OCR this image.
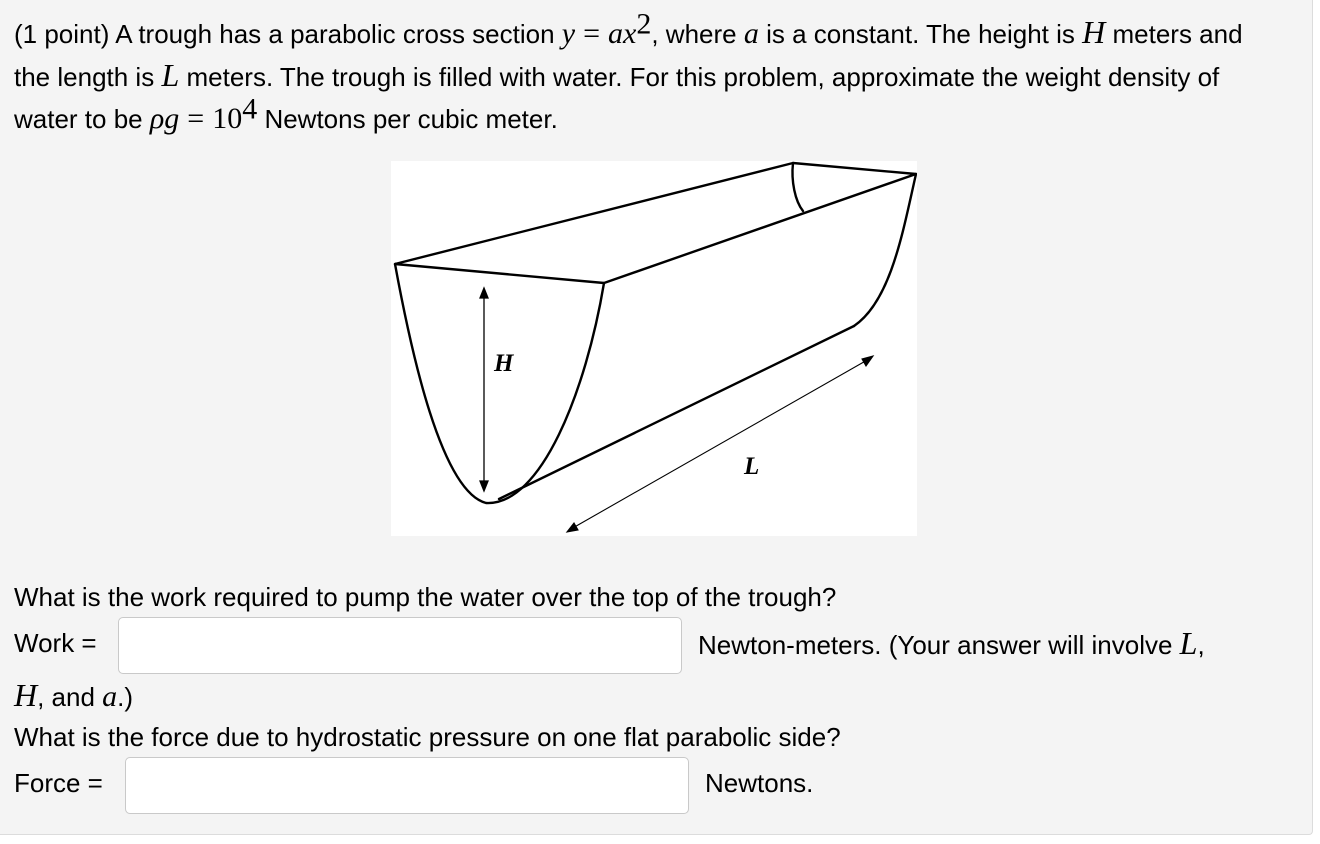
(1 point) A trough has a parabolic cross section $y = ax^2$, where a is a constant. The height is H meters and the length is L meters. The trough is filled with water. For this problem, approximate the weight density of water to be $\rho g = 10^4$ Newtons per cubic meter.
H
L
What is the work required to pump the water over the top of the trough?
Work =	Newton-meters. (Your answer will involve L,
H, and a.)
What is the force due to hydrostatic pressure on one flat parabolic side?
Force =	Newtons.
